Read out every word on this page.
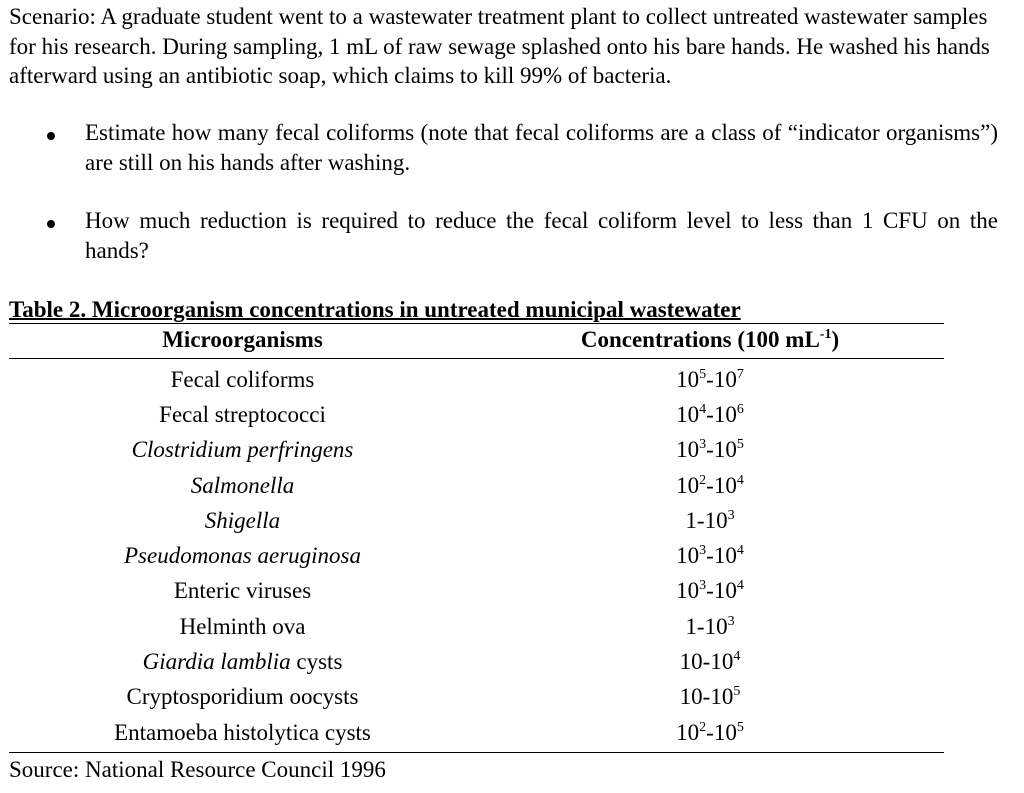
Scenario: A graduate student went to a wastewater treatment plant to collect untreated wastewater samples for his research. During sampling, 1 mL of raw sewage splashed onto his bare hands. He washed his hands afterward using an antibiotic soap, which claims to kill 99% of bacteria.

Estimate how many fecal coliforms (note that fecal coliforms are a class of “indicator organisms”) are still on his hands after washing.
How much reduction is required to reduce the fecal coliform level to less than 1 CFU on the hands?

Table 2. Microorganism concentrations in untreated municipal wastewater

Microorganisms	Concentrations (100 $mL^{-1}$)
Fecal coliforms	$10^5-10^7$
Fecal streptococci	$10^4-10^6$
Clostridium perfringens	$10^3-10^5$
Salmonella	$10^2-10^4$
Shigella	$1-10^3$
Pseudomonas aeruginosa	$10^3-10^4$
Enteric viruses	$10^3-10^4$
Helminth ova	$1-10^3$
Giardia lamblia cysts	$10-10^4$
Cryptosporidium oocysts	$10-10^5$
Entamoeba histolytica cysts	$10^2-10^5$

Source: National Resource Council 1996
